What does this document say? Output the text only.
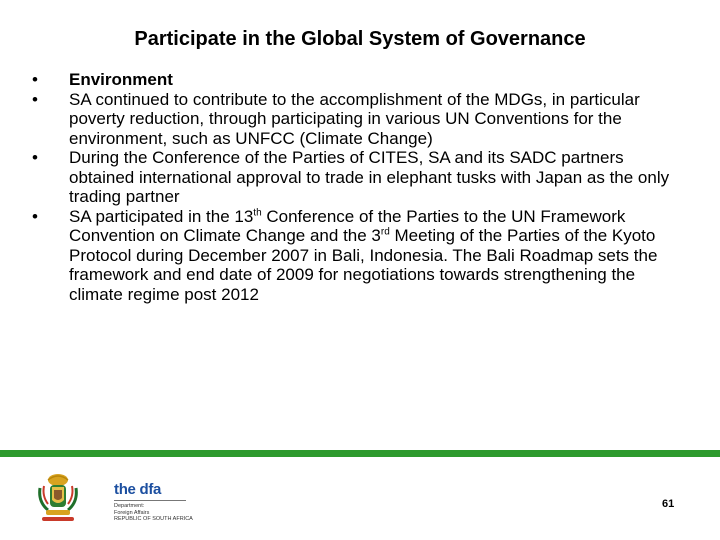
Participate in the Global System of Governance
• Environment
• SA continued to contribute to the accomplishment of the MDGs, in particular poverty reduction, through participating in various UN Conventions for the environment, such as UNFCC (Climate Change)
• During the Conference of the Parties of CITES, SA and its SADC partners obtained international approval to trade in elephant tusks with Japan as the only trading partner
• SA participated in the 13th Conference of the Parties to the UN Framework Convention on Climate Change and the 3rd Meeting of the Parties of the Kyoto Protocol during December 2007 in Bali, Indonesia. The Bali Roadmap sets the framework and end date of 2009 for negotiations towards strengthening the climate regime post 2012
the dfa
Department:
Foreign Affairs
REPUBLIC OF SOUTH AFRICA
61
